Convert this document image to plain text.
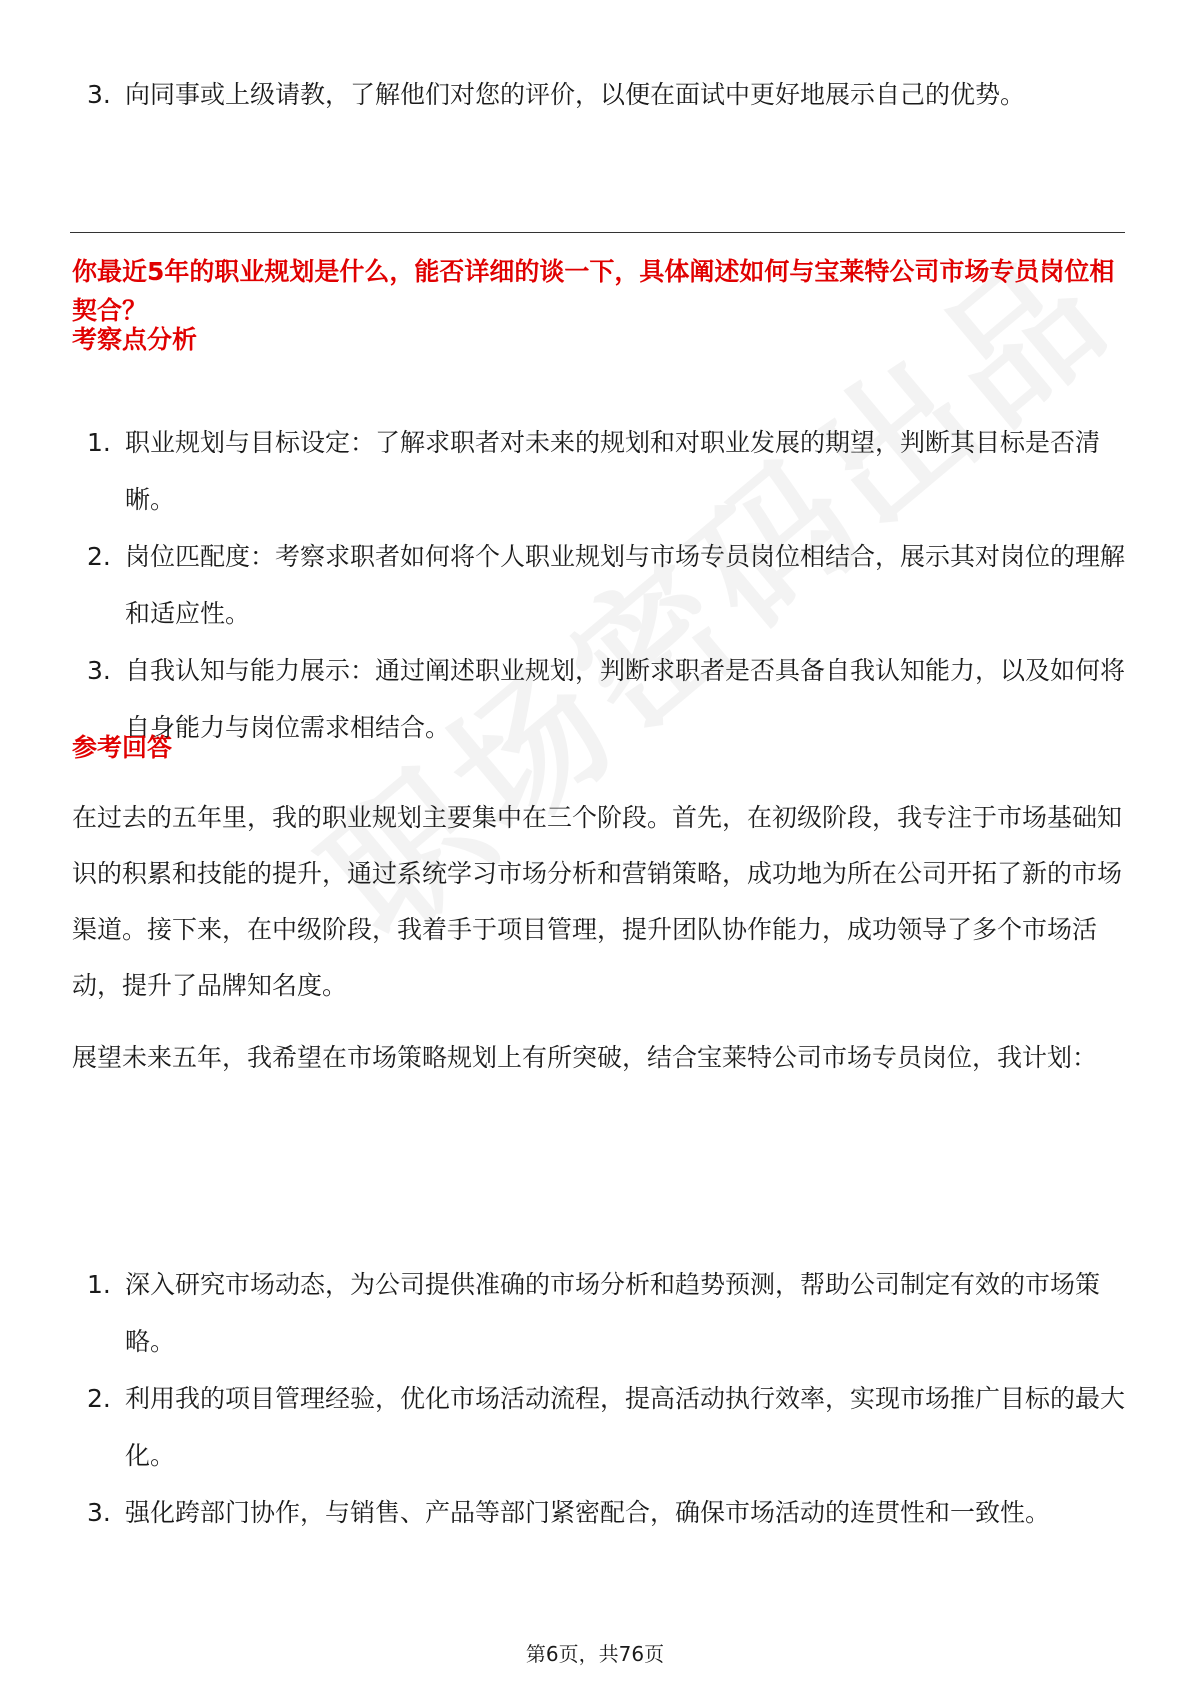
3. 向同事或上级请教，了解他们对您的评价，以便在面试中更好地展示自己的优势。
你最近5年的职业规划是什么，能否详细的谈一下，具体阐述如何与宝莱特公司市场专员岗位相契合？
考察点分析
1. 职业规划与目标设定：了解求职者对未来的规划和对职业发展的期望，判断其目标是否清晰。
2. 岗位匹配度：考察求职者如何将个人职业规划与市场专员岗位相结合，展示其对岗位的理解和适应性。
3. 自我认知与能力展示：通过阐述职业规划，判断求职者是否具备自我认知能力，以及如何将自身能力与岗位需求相结合。
参考回答
在过去的五年里，我的职业规划主要集中在三个阶段。首先，在初级阶段，我专注于市场基础知识的积累和技能的提升，通过系统学习市场分析和营销策略，成功地为所在公司开拓了新的市场渠道。接下来，在中级阶段，我着手于项目管理，提升团队协作能力，成功领导了多个市场活动，提升了品牌知名度。
展望未来五年，我希望在市场策略规划上有所突破，结合宝莱特公司市场专员岗位，我计划：
1. 深入研究市场动态，为公司提供准确的市场分析和趋势预测，帮助公司制定有效的市场策略。
2. 利用我的项目管理经验，优化市场活动流程，提高活动执行效率，实现市场推广目标的最大化。
3. 强化跨部门协作，与销售、产品等部门紧密配合，确保市场活动的连贯性和一致性。
第6页，共76页
